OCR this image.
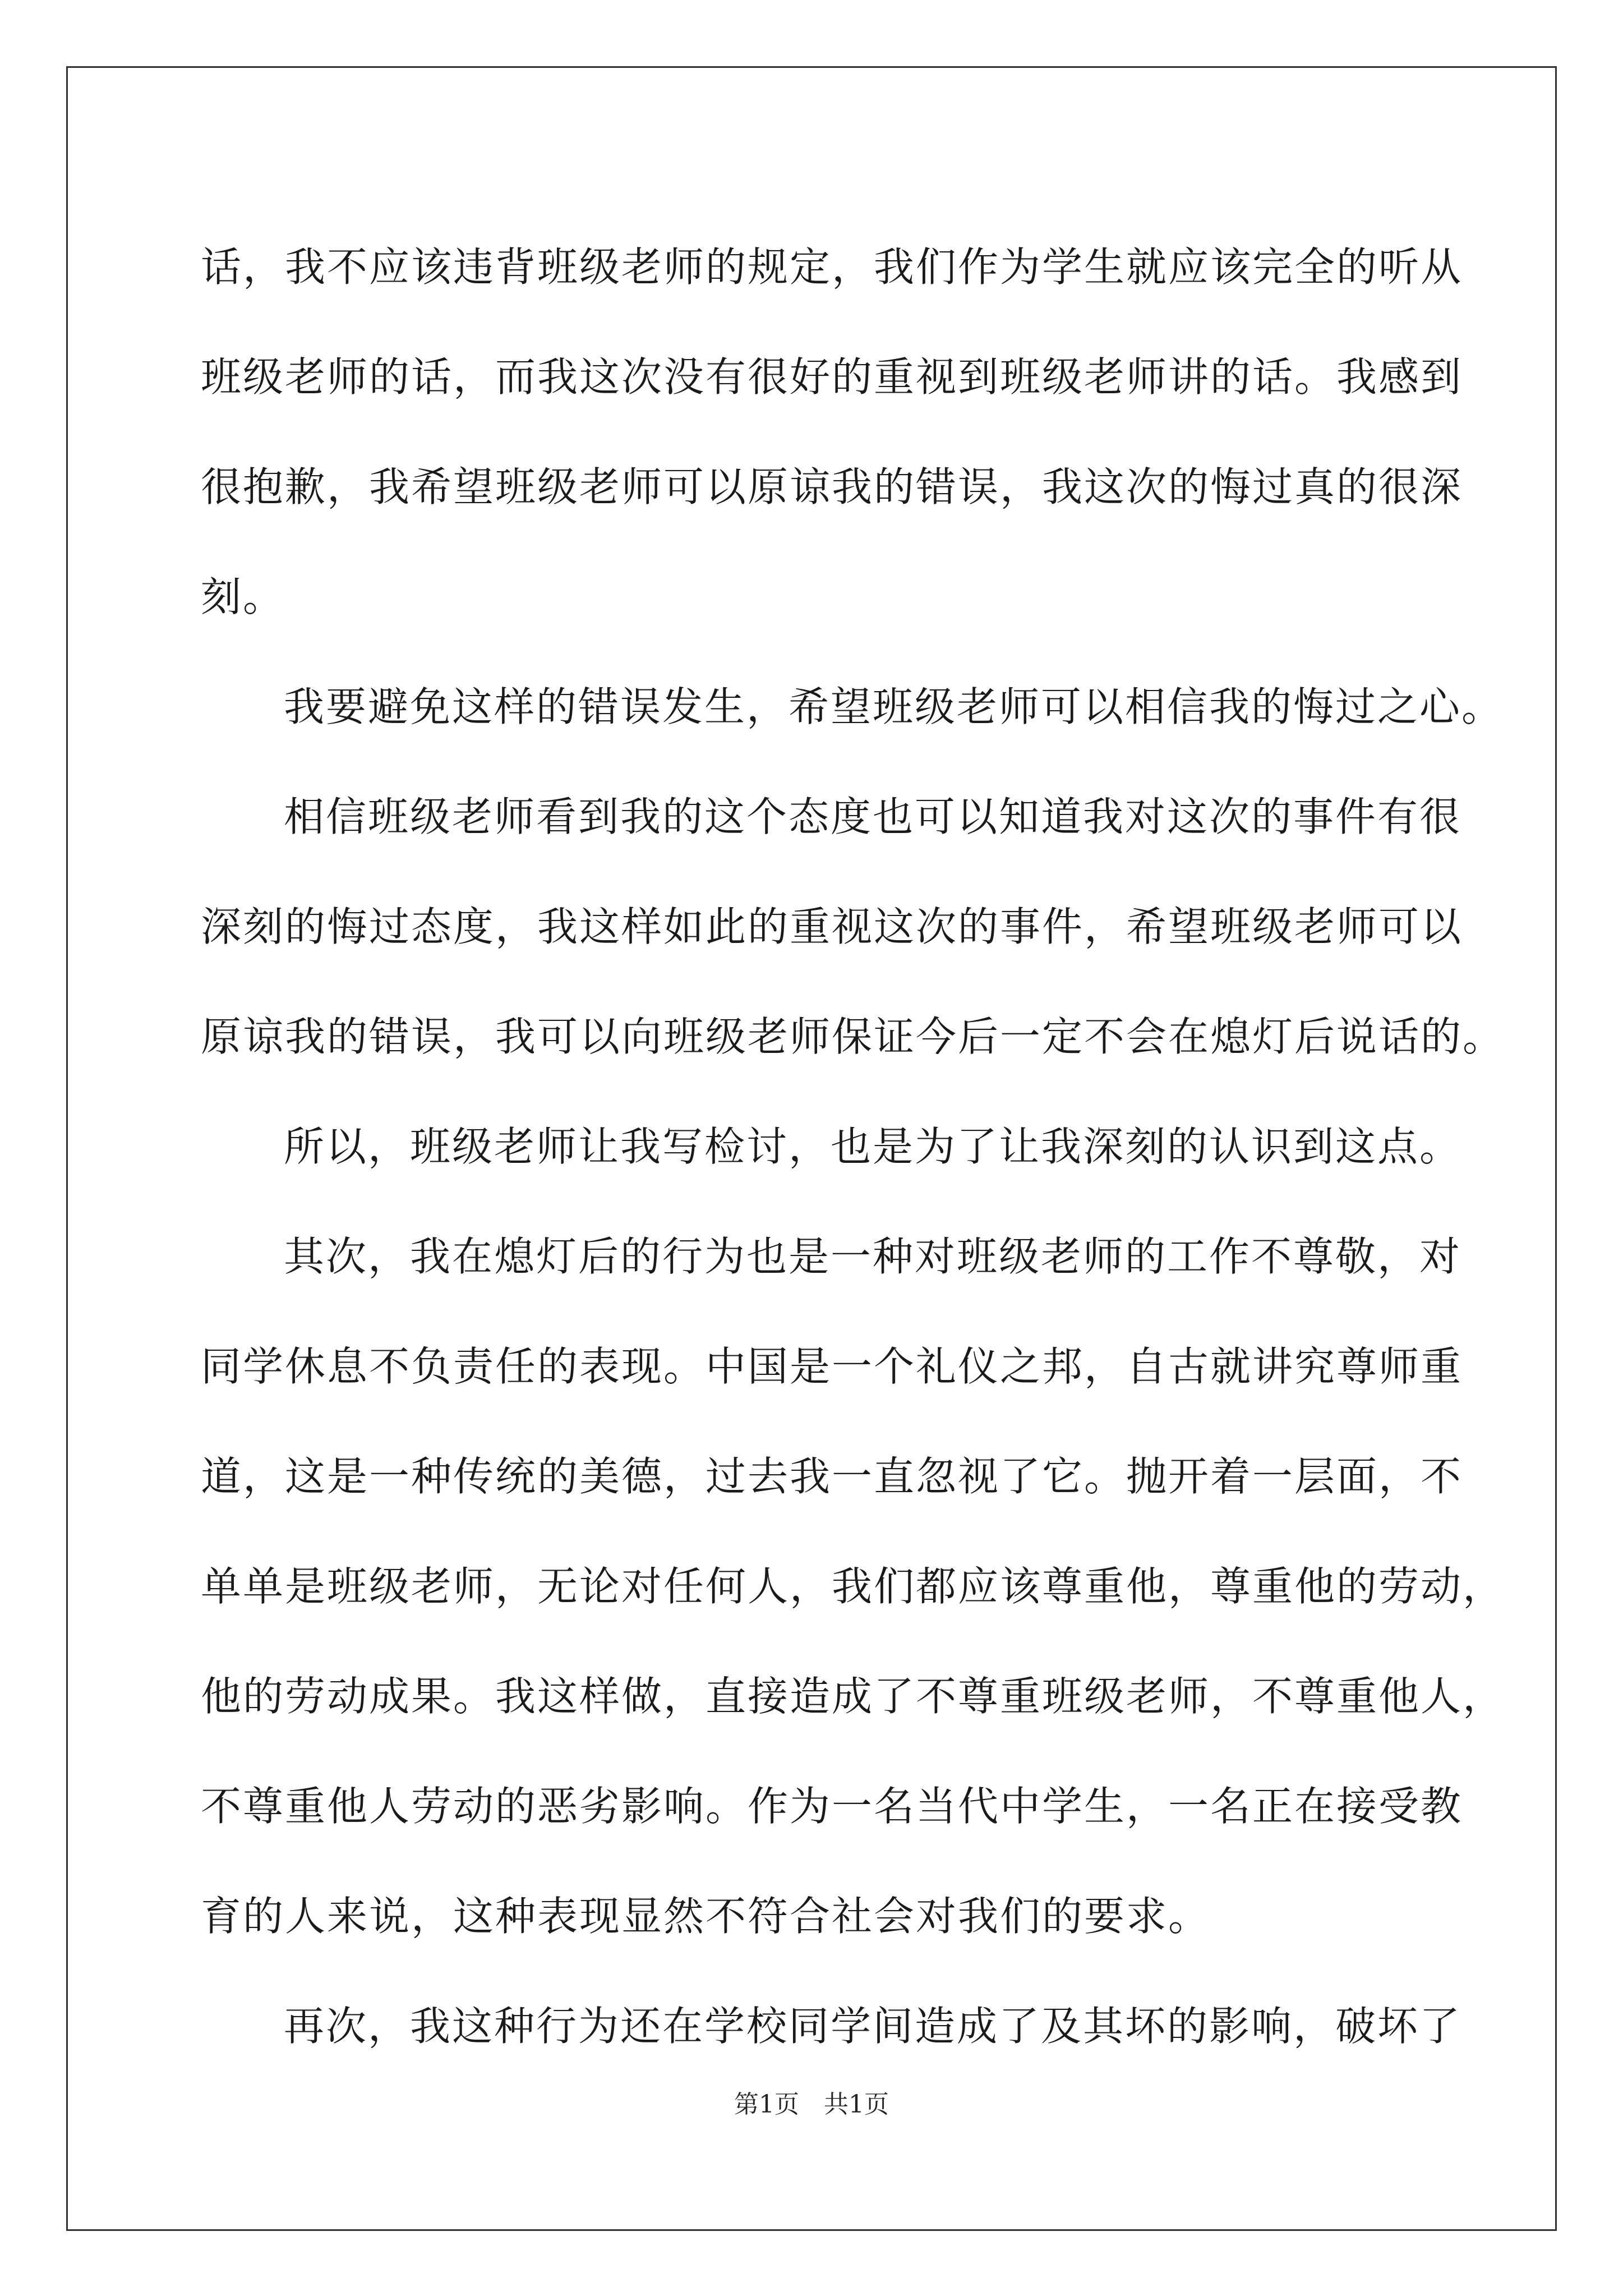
话，我不应该违背班级老师的规定，我们作为学生就应该完全的听从
班级老师的话，而我这次没有很好的重视到班级老师讲的话。我感到
很抱歉，我希望班级老师可以原谅我的错误，我这次的悔过真的很深
刻。
我要避免这样的错误发生，希望班级老师可以相信我的悔过之心。
相信班级老师看到我的这个态度也可以知道我对这次的事件有很
深刻的悔过态度，我这样如此的重视这次的事件，希望班级老师可以
原谅我的错误，我可以向班级老师保证今后一定不会在熄灯后说话的。
所以，班级老师让我写检讨，也是为了让我深刻的认识到这点。
其次，我在熄灯后的行为也是一种对班级老师的工作不尊敬，对
同学休息不负责任的表现。中国是一个礼仪之邦，自古就讲究尊师重
道，这是一种传统的美德，过去我一直忽视了它。抛开着一层面，不
单单是班级老师，无论对任何人，我们都应该尊重他，尊重他的劳动，
他的劳动成果。我这样做，直接造成了不尊重班级老师，不尊重他人，
不尊重他人劳动的恶劣影响。作为一名当代中学生，一名正在接受教
育的人来说，这种表现显然不符合社会对我们的要求。
再次，我这种行为还在学校同学间造成了及其坏的影响，破坏了
第1页　共1页
